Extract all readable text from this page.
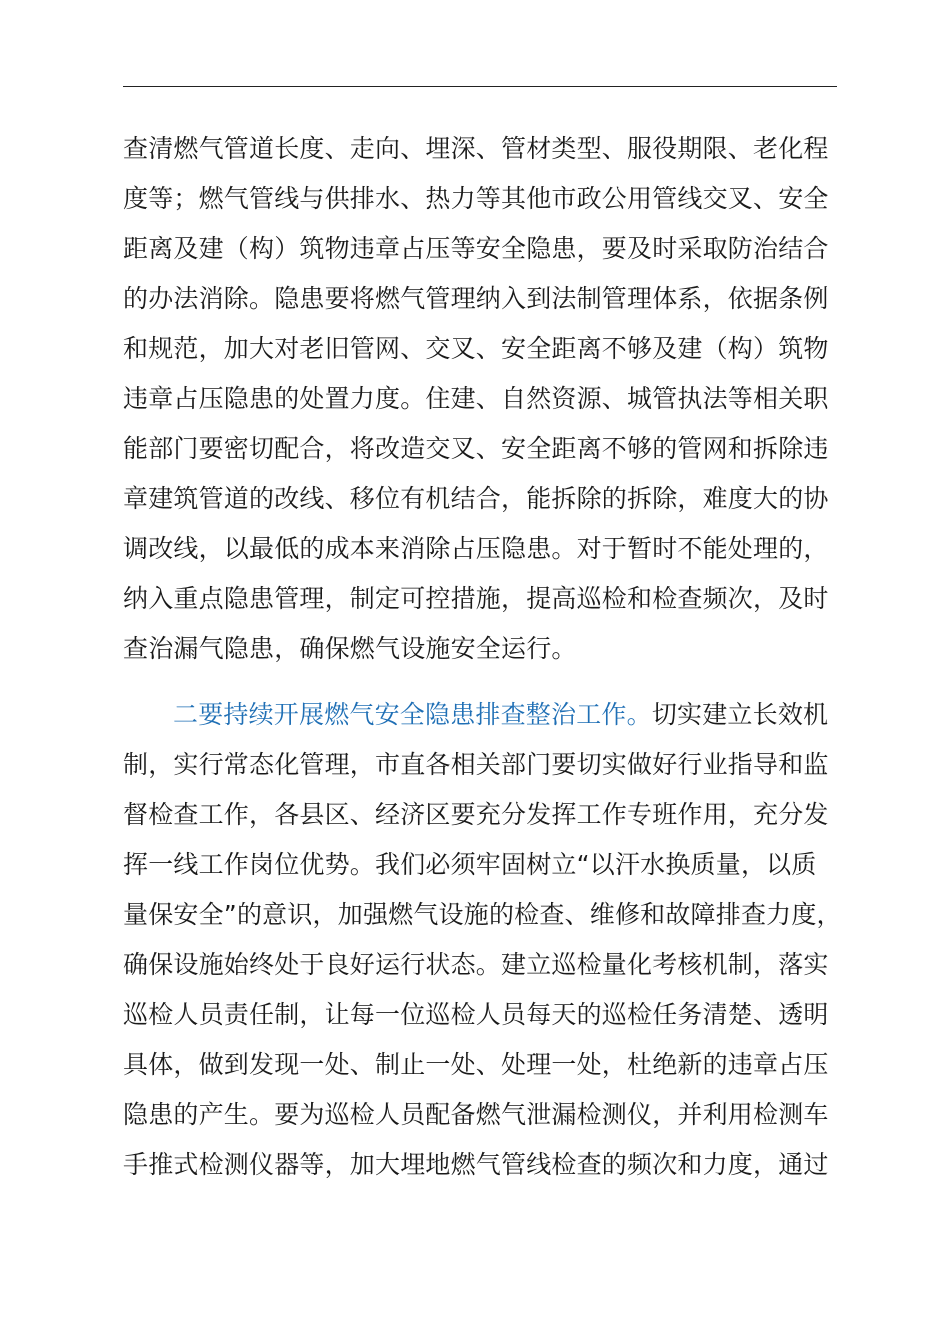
查清燃气管道长度、走向、埋深、管材类型、服役期限、老化程
度等；燃气管线与供排水、热力等其他市政公用管线交叉、安全
距离及建（构）筑物违章占压等安全隐患，要及时采取防治结合
的办法消除。隐患要将燃气管理纳入到法制管理体系，依据条例
和规范，加大对老旧管网、交叉、安全距离不够及建（构）筑物
违章占压隐患的处置力度。住建、自然资源、城管执法等相关职
能部门要密切配合，将改造交叉、安全距离不够的管网和拆除违
章建筑管道的改线、移位有机结合，能拆除的拆除，难度大的协
调改线，以最低的成本来消除占压隐患。对于暂时不能处理的，
纳入重点隐患管理，制定可控措施，提高巡检和检查频次，及时
查治漏气隐患，确保燃气设施安全运行。
二要持续开展燃气安全隐患排查整治工作。切实建立长效机
制，实行常态化管理，市直各相关部门要切实做好行业指导和监
督检查工作，各县区、经济区要充分发挥工作专班作用，充分发
挥一线工作岗位优势。我们必须牢固树立“以汗水换质量，以质
量保安全”的意识，加强燃气设施的检查、维修和故障排查力度，
确保设施始终处于良好运行状态。建立巡检量化考核机制，落实
巡检人员责任制，让每一位巡检人员每天的巡检任务清楚、透明
具体，做到发现一处、制止一处、处理一处，杜绝新的违章占压
隐患的产生。要为巡检人员配备燃气泄漏检测仪，并利用检测车
手推式检测仪器等，加大埋地燃气管线检查的频次和力度，通过
